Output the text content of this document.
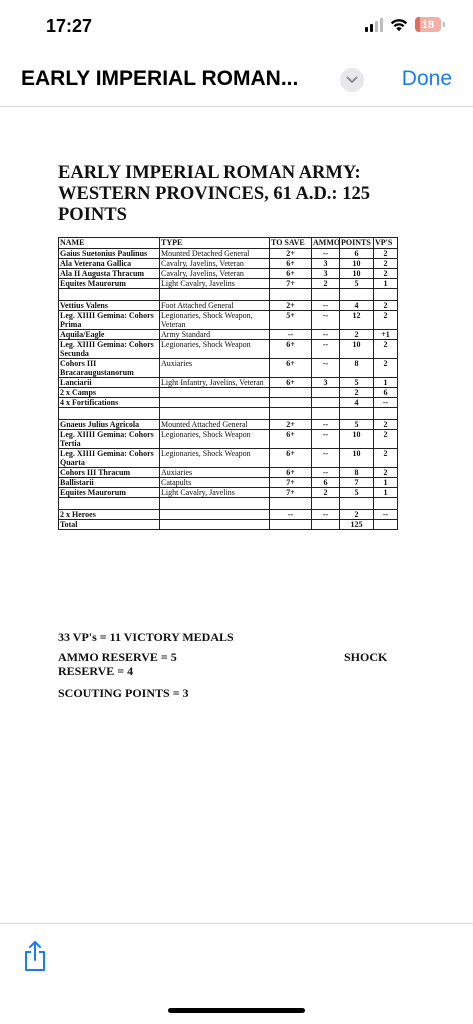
17:27	18
EARLY IMPERIAL ROMAN...	Done
EARLY IMPERIAL ROMAN ARMY: WESTERN PROVINCES, 61 A.D.: 125 POINTS
NAME	TYPE	TO SAVE	AMMO	POINTS	VP'S
Gaius Suetonius Paulinus	Mounted Detached General	2+	--	6	2
Ala Veterana Gallica	Cavalry, Javelins, Veteran	6+	3	10	2
Ala II Augusta Thracum	Cavalry, Javelins, Veteran	6+	3	10	2
Equites Maurorum	Light Cavalry, Javelins	7+	2	5	1

Vettius Valens	Foot Attached General	2+	--	4	2
Leg. XIIII Gemina: Cohors Prima	Legionaries, Shock Weapon, Veteran	5+	--	12	2
Aquila/Eagle	Army Standard	--	--	2	+1
Leg. XIIII Gemina: Cohors Secunda	Legionaries, Shock Weapon	6+	--	10	2
Cohors III Bracaraugustanorum	Auxiaries	6+	--	8	2
Lanciarii	Light Infantry, Javelins, Veteran	6+	3	5	1
2 x Camps				2	6
4 x Fortifications				4	--

Gnaeus Julius Agricola	Mounted Attached General	2+	--	5	2
Leg. XIIII Gemina: Cohors Tertia	Legionaries, Shock Weapon	6+	--	10	2
Leg. XIIII Gemina: Cohors Quarta	Legionaries, Shock Weapon	6+	--	10	2
Cohors III Thracum	Auxiaries	6+	--	8	2
Ballistarii	Catapults	7+	6	7	1
Equites Maurorum	Light Cavalry, Javelins	7+	2	5	1

2 x Heroes		--	--	2	--
Total				125	

33 VP's = 11 VICTORY MEDALS

AMMO RESERVE = 5	SHOCK

RESERVE = 4

SCOUTING POINTS = 3
